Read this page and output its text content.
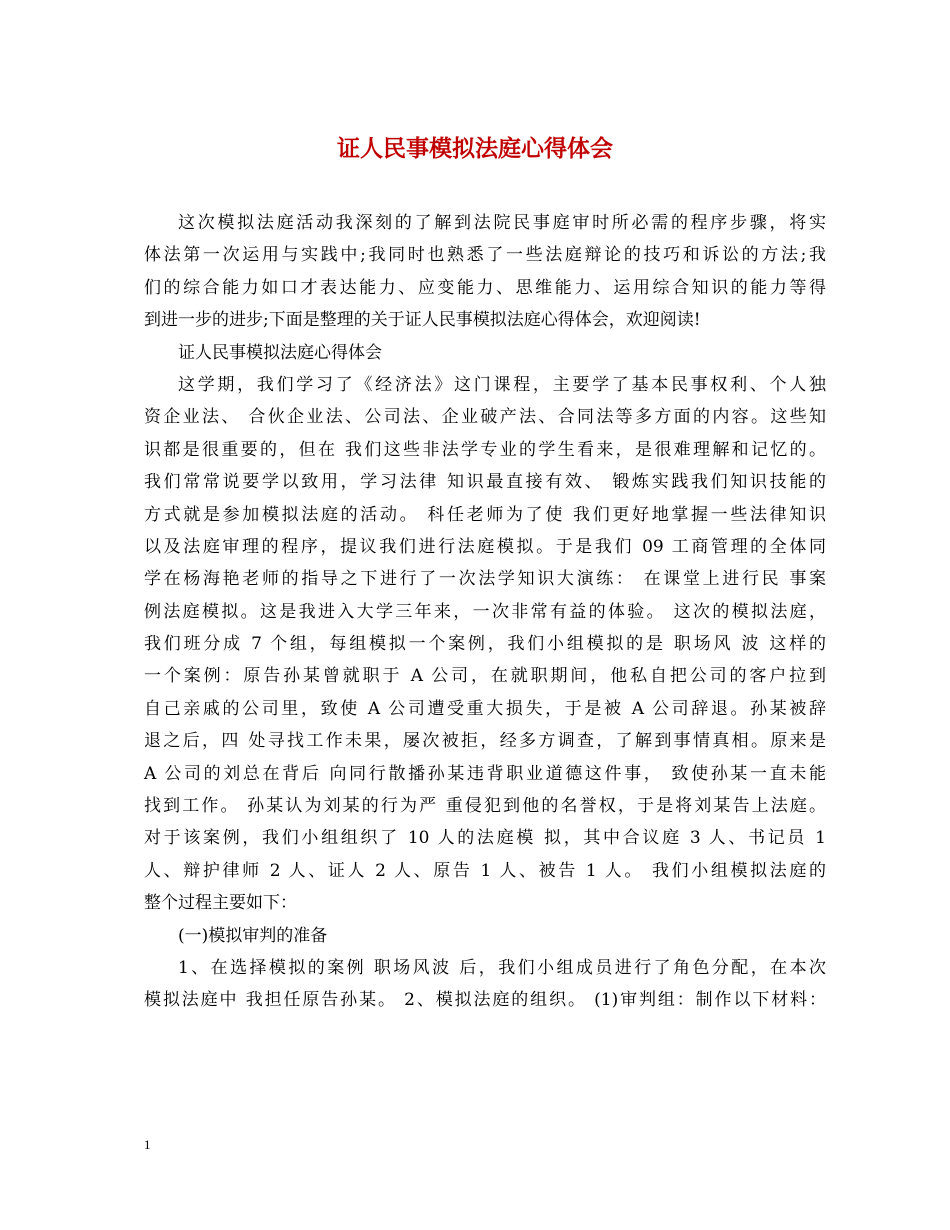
证人民事模拟法庭心得体会
这次模拟法庭活动我深刻的了解到法院民事庭审时所必需的程序步骤，将实
体法第一次运用与实践中;我同时也熟悉了一些法庭辩论的技巧和诉讼的方法;我
们的综合能力如口才表达能力、应变能力、思维能力、运用综合知识的能力等得
到进一步的进步;下面是整理的关于证人民事模拟法庭心得体会，欢迎阅读!
证人民事模拟法庭心得体会
这学期，我们学习了《经济法》这门课程，主要学了基本民事权利、个人独
资企业法、 合伙企业法、公司法、企业破产法、合同法等多方面的内容。这些知
识都是很重要的，但在 我们这些非法学专业的学生看来，是很难理解和记忆的。
我们常常说要学以致用，学习法律 知识最直接有效、 锻炼实践我们知识技能的
方式就是参加模拟法庭的活动。 科任老师为了使 我们更好地掌握一些法律知识
以及法庭审理的程序，提议我们进行法庭模拟。于是我们 09 工商管理的全体同
学在杨海艳老师的指导之下进行了一次法学知识大演练： 在课堂上进行民 事案
例法庭模拟。这是我进入大学三年来，一次非常有益的体验。 这次的模拟法庭，
我们班分成 7 个组，每组模拟一个案例，我们小组模拟的是 职场风 波 这样的
一个案例：原告孙某曾就职于 A 公司，在就职期间，他私自把公司的客户拉到
自己亲戚的公司里，致使 A 公司遭受重大损失，于是被 A 公司辞退。孙某被辞
退之后，四 处寻找工作未果，屡次被拒，经多方调查，了解到事情真相。原来是
A 公司的刘总在背后 向同行散播孙某违背职业道德这件事， 致使孙某一直未能
找到工作。 孙某认为刘某的行为严 重侵犯到他的名誉权，于是将刘某告上法庭。
对于该案例，我们小组组织了 10 人的法庭模 拟，其中合议庭 3 人、书记员 1
人、辩护律师 2 人、证人 2 人、原告 1 人、被告 1 人。 我们小组模拟法庭的
整个过程主要如下：
(一)模拟审判的准备
1、在选择模拟的案例 职场风波 后，我们小组成员进行了角色分配，在本次
模拟法庭中 我担任原告孙某。 2、模拟法庭的组织。 (1)审判组：制作以下材料：
1
